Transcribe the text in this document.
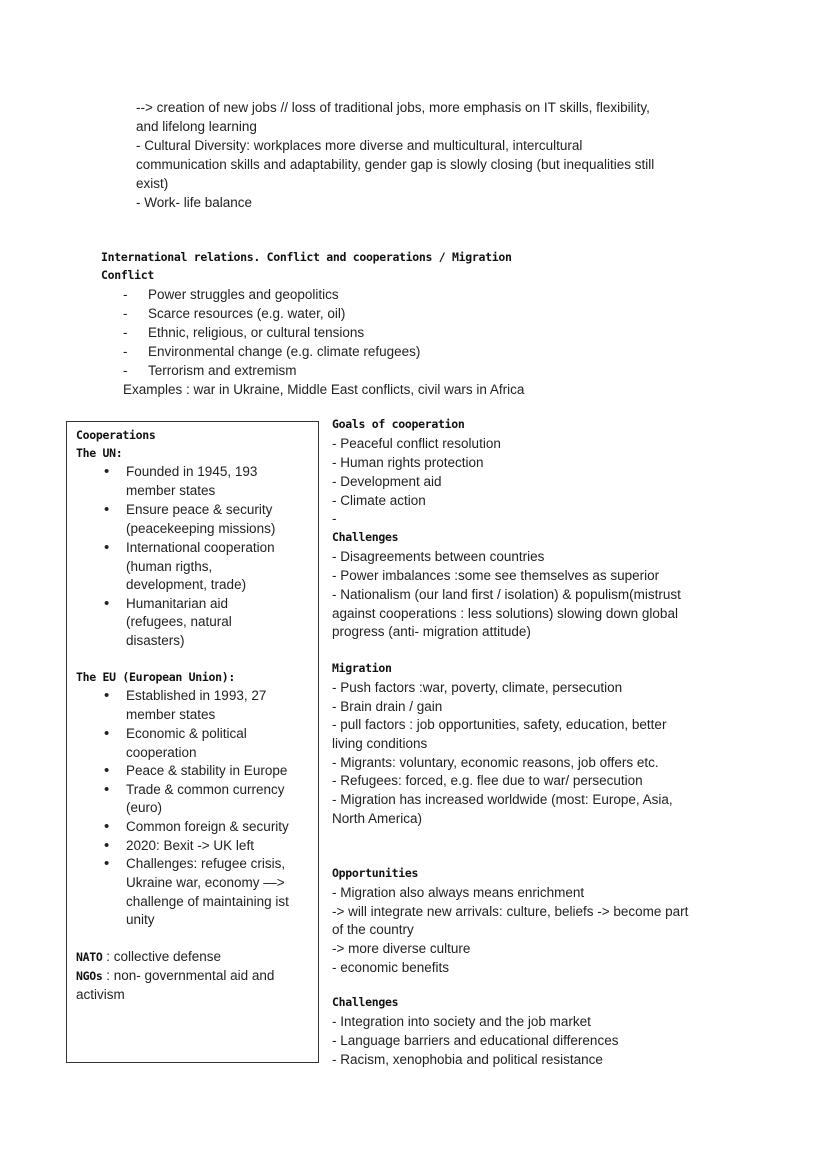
--> creation of new jobs // loss of traditional jobs, more emphasis on IT skills, flexibility,
and lifelong learning
- Cultural Diversity: workplaces more diverse and multicultural, intercultural
communication skills and adaptability, gender gap is slowly closing (but inequalities still
exist)
- Work- life balance
International relations. Conflict and cooperations / Migration
Conflict
- Power struggles and geopolitics
- Scarce resources (e.g. water, oil)
- Ethnic, religious, or cultural tensions
- Environmental change (e.g. climate refugees)
- Terrorism and extremism
Examples : war in Ukraine, Middle East conflicts, civil wars in Africa
Cooperations
The UN:
• Founded in 1945, 193
member states
• Ensure peace & security
(peacekeeping missions)
• International cooperation
(human rigths,
development, trade)
• Humanitarian aid
(refugees, natural
disasters)
The EU (European Union):
• Established in 1993, 27
member states
• Economic & political
cooperation
• Peace & stability in Europe
• Trade & common currency
(euro)
• Common foreign & security
• 2020: Bexit -> UK left
• Challenges: refugee crisis,
Ukraine war, economy —>
challenge of maintaining ist
unity
NATO : collective defense
NGOs : non- governmental aid and
activism
Goals of cooperation
- Peaceful conflict resolution
- Human rights protection
- Development aid
- Climate action
-
Challenges
- Disagreements between countries
- Power imbalances :some see themselves as superior
- Nationalism (our land first / isolation) & populism(mistrust
against cooperations : less solutions) slowing down global
progress (anti- migration attitude)
Migration
- Push factors :war, poverty, climate, persecution
- Brain drain / gain
- pull factors : job opportunities, safety, education, better
living conditions
- Migrants: voluntary, economic reasons, job offers etc.
- Refugees: forced, e.g. flee due to war/ persecution
- Migration has increased worldwide (most: Europe, Asia,
North America)
Opportunities
- Migration also always means enrichment
-> will integrate new arrivals: culture, beliefs -> become part
of the country
-> more diverse culture
- economic benefits
Challenges
- Integration into society and the job market
- Language barriers and educational differences
- Racism, xenophobia and political resistance
